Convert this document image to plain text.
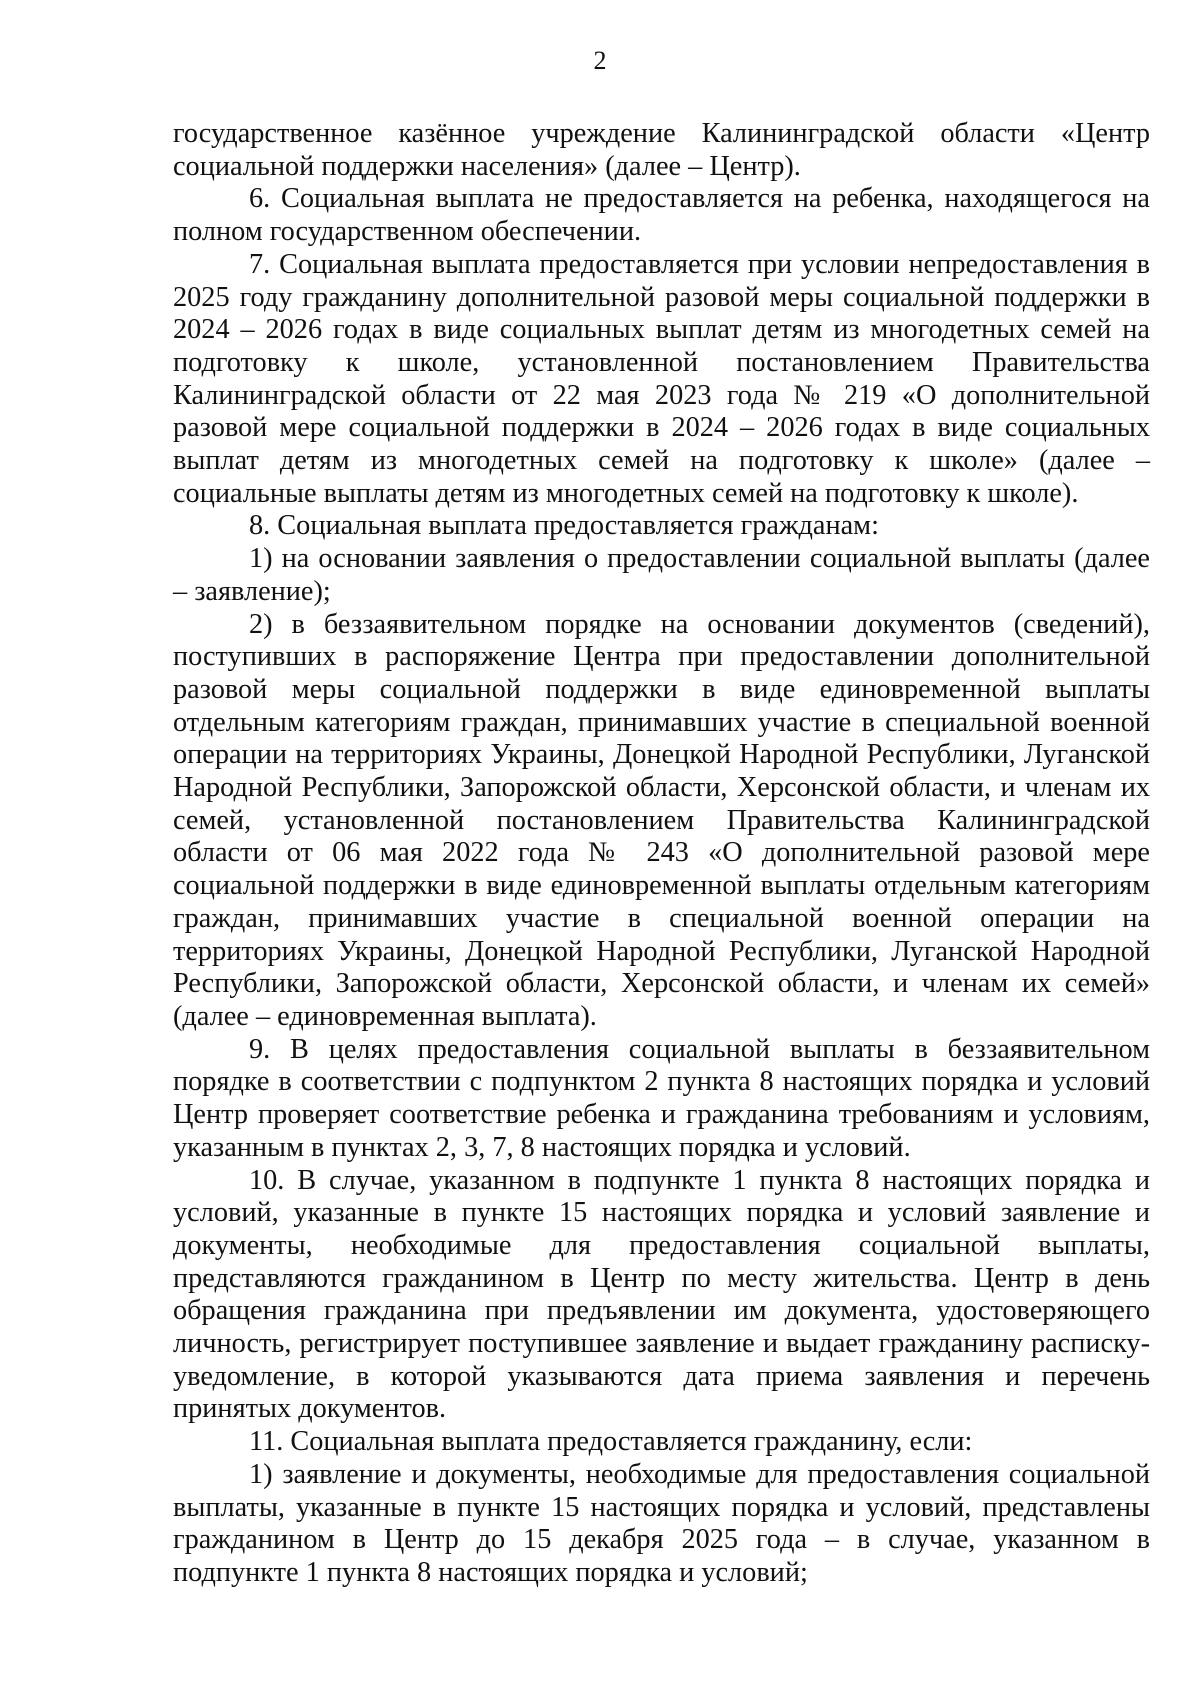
2

государственное казённое учреждение Калининградской области «Центр социальной поддержки населения» (далее – Центр).

6. Социальная выплата не предоставляется на ребенка, находящегося на полном государственном обеспечении.

7. Социальная выплата предоставляется при условии непредоставления в 2025 году гражданину дополнительной разовой меры социальной поддержки в 2024 – 2026 годах в виде социальных выплат детям из многодетных семей на подготовку к школе, установленной постановлением Правительства Калининградской области от 22 мая 2023 года № 219 «О дополнительной разовой мере социальной поддержки в 2024 – 2026 годах в виде социальных выплат детям из многодетных семей на подготовку к школе» (далее – социальные выплаты детям из многодетных семей на подготовку к школе).

8. Социальная выплата предоставляется гражданам:

1) на основании заявления о предоставлении социальной выплаты (далее – заявление);

2) в беззаявительном порядке на основании документов (сведений), поступивших в распоряжение Центра при предоставлении дополнительной разовой меры социальной поддержки в виде единовременной выплаты отдельным категориям граждан, принимавших участие в специальной военной операции на территориях Украины, Донецкой Народной Республики, Луганской Народной Республики, Запорожской области, Херсонской области, и членам их семей, установленной постановлением Правительства Калининградской области от 06 мая 2022 года № 243 «О дополнительной разовой мере социальной поддержки в виде единовременной выплаты отдельным категориям граждан, принимавших участие в специальной военной операции на территориях Украины, Донецкой Народной Республики, Луганской Народной Республики, Запорожской области, Херсонской области, и членам их семей» (далее – единовременная выплата).

9. В целях предоставления социальной выплаты в беззаявительном порядке в соответствии с подпунктом 2 пункта 8 настоящих порядка и условий Центр проверяет соответствие ребенка и гражданина требованиям и условиям, указанным в пунктах 2, 3, 7, 8 настоящих порядка и условий.

10. В случае, указанном в подпункте 1 пункта 8 настоящих порядка и условий, указанные в пункте 15 настоящих порядка и условий заявление и документы, необходимые для предоставления социальной выплаты, представляются гражданином в Центр по месту жительства. Центр в день обращения гражданина при предъявлении им документа, удостоверяющего личность, регистрирует поступившее заявление и выдает гражданину расписку-уведомление, в которой указываются дата приема заявления и перечень принятых документов.

11. Социальная выплата предоставляется гражданину, если:

1) заявление и документы, необходимые для предоставления социальной выплаты, указанные в пункте 15 настоящих порядка и условий, представлены гражданином в Центр до 15 декабря 2025 года – в случае, указанном в подпункте 1 пункта 8 настоящих порядка и условий;
